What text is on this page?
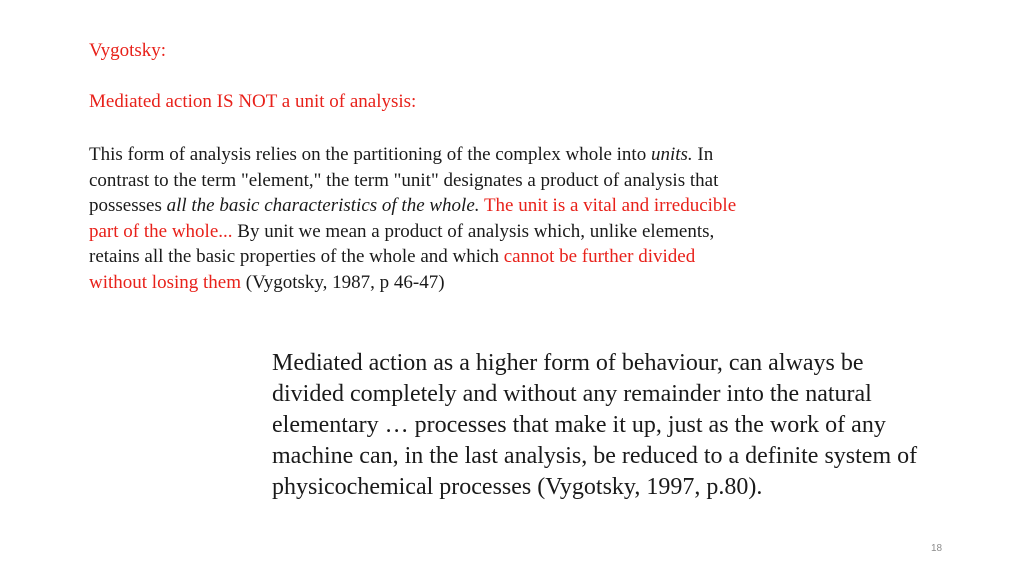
Vygotsky:
Mediated action IS NOT a unit of analysis:
This form of analysis relies on the partitioning of the complex whole into units. In
contrast to the term "element," the term "unit" designates a product of analysis that
possesses all the basic characteristics of the whole. The unit is a vital and irreducible
part of the whole... By unit we mean a product of analysis which, unlike elements,
retains all the basic properties of the whole and which cannot be further divided
without losing them (Vygotsky, 1987, p 46-47)
Mediated action as a higher form of behaviour, can always be
divided completely and without any remainder into the natural
elementary … processes that make it up, just as the work of any
machine can, in the last analysis, be reduced to a definite system of
physicochemical processes (Vygotsky, 1997, p.80).
18
